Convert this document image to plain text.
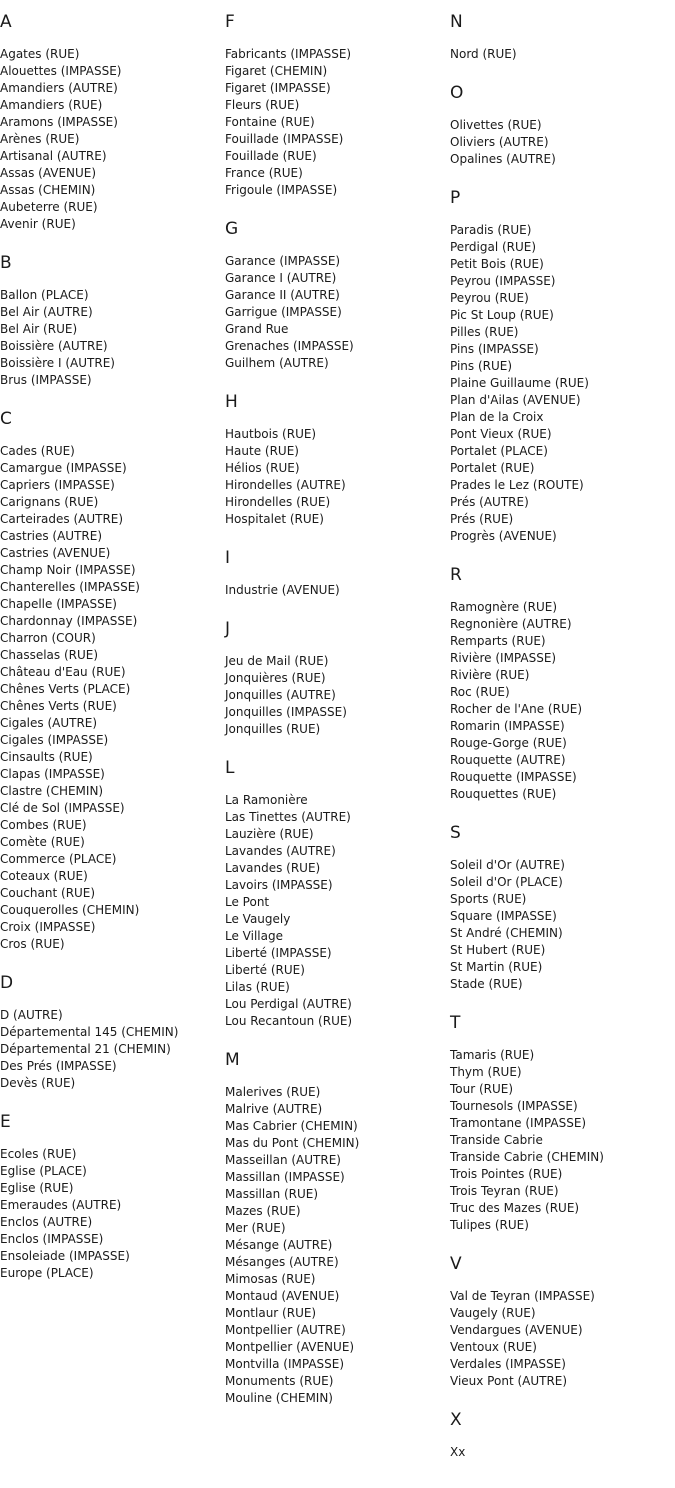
A
Agates (RUE)
Alouettes (IMPASSE)
Amandiers (AUTRE)
Amandiers (RUE)
Aramons (IMPASSE)
Arènes (RUE)
Artisanal (AUTRE)
Assas (AVENUE)
Assas (CHEMIN)
Aubeterre (RUE)
Avenir (RUE)
B
Ballon (PLACE)
Bel Air (AUTRE)
Bel Air (RUE)
Boissière (AUTRE)
Boissière I (AUTRE)
Brus (IMPASSE)
C
Cades (RUE)
Camargue (IMPASSE)
Capriers (IMPASSE)
Carignans (RUE)
Carteirades (AUTRE)
Castries (AUTRE)
Castries (AVENUE)
Champ Noir (IMPASSE)
Chanterelles (IMPASSE)
Chapelle (IMPASSE)
Chardonnay (IMPASSE)
Charron (COUR)
Chasselas (RUE)
Château d'Eau (RUE)
Chênes Verts (PLACE)
Chênes Verts (RUE)
Cigales (AUTRE)
Cigales (IMPASSE)
Cinsaults (RUE)
Clapas (IMPASSE)
Clastre (CHEMIN)
Clé de Sol (IMPASSE)
Combes (RUE)
Comète (RUE)
Commerce (PLACE)
Coteaux (RUE)
Couchant (RUE)
Couquerolles (CHEMIN)
Croix (IMPASSE)
Cros (RUE)
D
D (AUTRE)
Départemental 145 (CHEMIN)
Départemental 21 (CHEMIN)
Des Prés (IMPASSE)
Devès (RUE)
E
Ecoles (RUE)
Eglise (PLACE)
Eglise (RUE)
Emeraudes (AUTRE)
Enclos (AUTRE)
Enclos (IMPASSE)
Ensoleiade (IMPASSE)
Europe (PLACE)
F
Fabricants (IMPASSE)
Figaret (CHEMIN)
Figaret (IMPASSE)
Fleurs (RUE)
Fontaine (RUE)
Fouillade (IMPASSE)
Fouillade (RUE)
France (RUE)
Frigoule (IMPASSE)
G
Garance (IMPASSE)
Garance I (AUTRE)
Garance II (AUTRE)
Garrigue (IMPASSE)
Grand Rue
Grenaches (IMPASSE)
Guilhem (AUTRE)
H
Hautbois (RUE)
Haute (RUE)
Hélios (RUE)
Hirondelles (AUTRE)
Hirondelles (RUE)
Hospitalet (RUE)
I
Industrie (AVENUE)
J
Jeu de Mail (RUE)
Jonquières (RUE)
Jonquilles (AUTRE)
Jonquilles (IMPASSE)
Jonquilles (RUE)
L
La Ramonière
Las Tinettes (AUTRE)
Lauzière (RUE)
Lavandes (AUTRE)
Lavandes (RUE)
Lavoirs (IMPASSE)
Le Pont
Le Vaugely
Le Village
Liberté (IMPASSE)
Liberté (RUE)
Lilas (RUE)
Lou Perdigal (AUTRE)
Lou Recantoun (RUE)
M
Malerives (RUE)
Malrive (AUTRE)
Mas Cabrier (CHEMIN)
Mas du Pont (CHEMIN)
Masseillan (AUTRE)
Massillan (IMPASSE)
Massillan (RUE)
Mazes (RUE)
Mer (RUE)
Mésange (AUTRE)
Mésanges (AUTRE)
Mimosas (RUE)
Montaud (AVENUE)
Montlaur (RUE)
Montpellier (AUTRE)
Montpellier (AVENUE)
Montvilla (IMPASSE)
Monuments (RUE)
Mouline (CHEMIN)
N
Nord (RUE)
O
Olivettes (RUE)
Oliviers (AUTRE)
Opalines (AUTRE)
P
Paradis (RUE)
Perdigal (RUE)
Petit Bois (RUE)
Peyrou (IMPASSE)
Peyrou (RUE)
Pic St Loup (RUE)
Pilles (RUE)
Pins (IMPASSE)
Pins (RUE)
Plaine Guillaume (RUE)
Plan d'Ailas (AVENUE)
Plan de la Croix
Pont Vieux (RUE)
Portalet (PLACE)
Portalet (RUE)
Prades le Lez (ROUTE)
Prés (AUTRE)
Prés (RUE)
Progrès (AVENUE)
R
Ramognère (RUE)
Regnonière (AUTRE)
Remparts (RUE)
Rivière (IMPASSE)
Rivière (RUE)
Roc (RUE)
Rocher de l'Ane (RUE)
Romarin (IMPASSE)
Rouge-Gorge (RUE)
Rouquette (AUTRE)
Rouquette (IMPASSE)
Rouquettes (RUE)
S
Soleil d'Or (AUTRE)
Soleil d'Or (PLACE)
Sports (RUE)
Square (IMPASSE)
St André (CHEMIN)
St Hubert (RUE)
St Martin (RUE)
Stade (RUE)
T
Tamaris (RUE)
Thym (RUE)
Tour (RUE)
Tournesols (IMPASSE)
Tramontane (IMPASSE)
Transide Cabrie
Transide Cabrie (CHEMIN)
Trois Pointes (RUE)
Trois Teyran (RUE)
Truc des Mazes (RUE)
Tulipes (RUE)
V
Val de Teyran (IMPASSE)
Vaugely (RUE)
Vendargues (AVENUE)
Ventoux (RUE)
Verdales (IMPASSE)
Vieux Pont (AUTRE)
X
Xx
